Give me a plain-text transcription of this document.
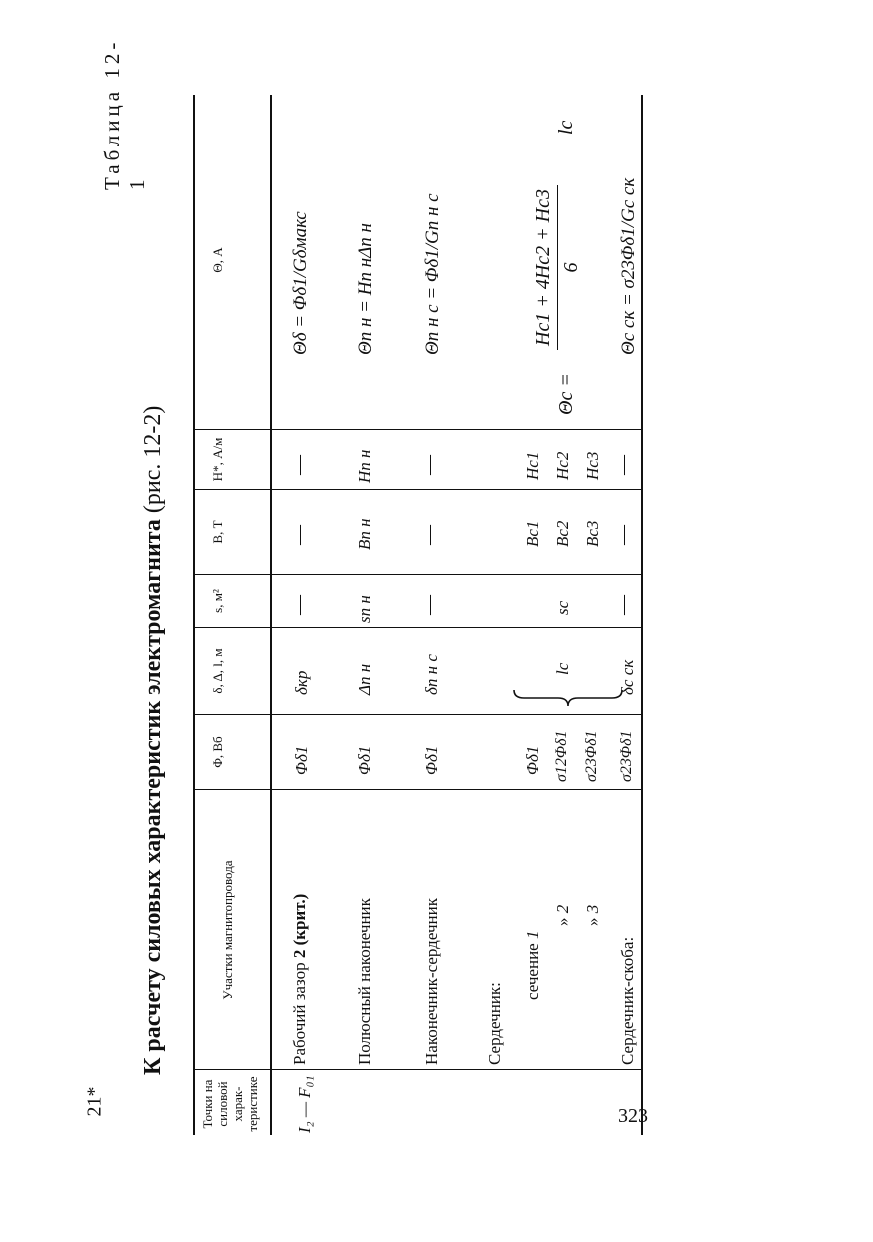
Таблица 12-1
К расчету силовых характеристик электромагнита (рис. 12-2)
Точки на силовой харак-теристике
Участки магнитопровода
Φ, Вб
δ, Δ, l, м
s, м²
B, Т
H*, А/м
Θ, А
I₂ — F₀₁
Рабочий зазор 2 (крит.)
Φδ1
δкр
—
—
—
Θδ = Φδ1/Gδмакс
Полюсный наконечник
Φδ1
Δп н
sп н
Bп н
Hп н
Θп н = Hп нΔп н
Наконечник-сердечник
Φδ1
δп н с
—
—
—
Θп н с = Φδ1/Gп н с
Сердечник:
сечение 1
» 2
» 3
Φδ1 σ12Φδ1 σ23Φδ1
lс
sс
Bс1 Bс2 Bс3
Hс1 Hс2 Hс3
Θс =
Hс1 + 4Hс2 + Hс3 6
lс
Сердечник-скоба:
σ23Φδ1
δс ск
—
—
—
Θс ск = σ23Φδ1/Gс ск
21*	323
